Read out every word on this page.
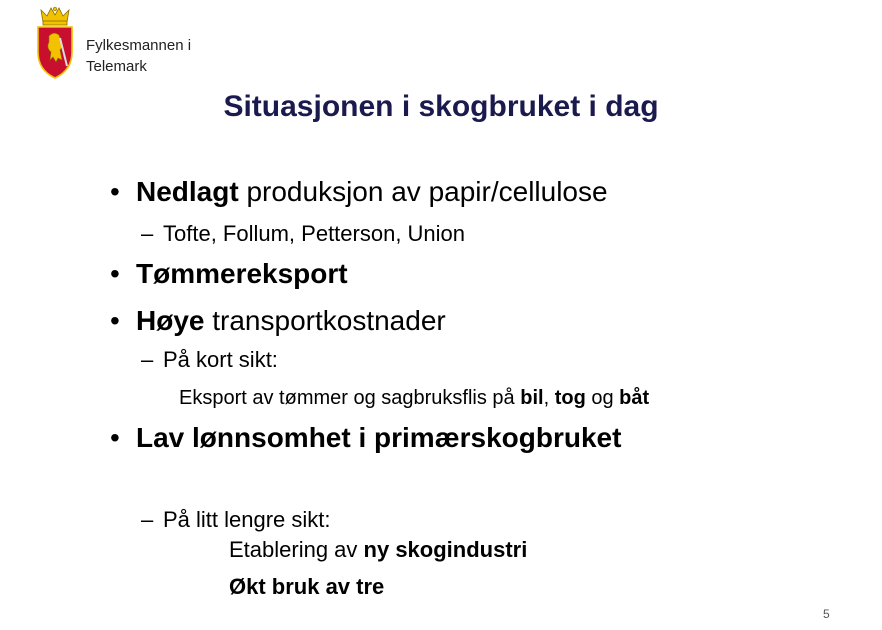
Fylkesmannen i
Telemark
Situasjonen i skogbruket i dag
• Nedlagt produksjon av papir/cellulose
– Tofte, Follum, Petterson, Union
• Tømmereksport
• Høye transportkostnader
– På kort sikt:
Eksport av tømmer og sagbruksflis på bil, tog og båt
• Lav lønnsomhet i primærskogbruket
– På litt lengre sikt:
Etablering av ny skogindustri
Økt bruk av tre
5
